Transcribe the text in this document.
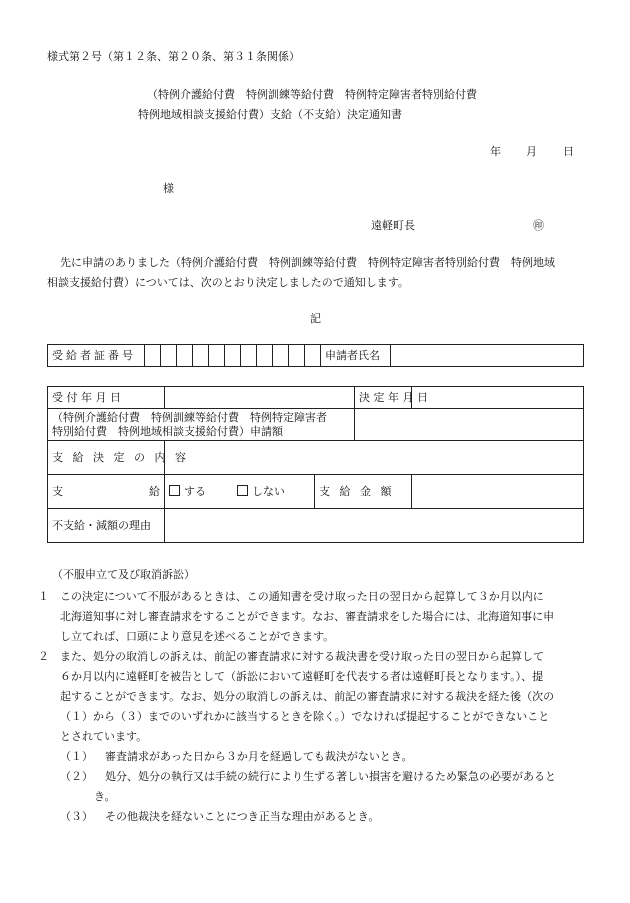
様式第２号（第１２条、第２０条、第３１条関係）
（特例介護給付費　特例訓練等給付費　特例特定障害者特別給付費
特例地域相談支援給付費）支給（不支給）決定通知書
年 月 日
様
遠軽町長	㊞
先に申請のありました（特例介護給付費　特例訓練等給付費　特例特定障害者特別給付費　特例地域
相談支援給付費）については、次のとおり決定しましたので通知します。
記
受給者証番号												申請者氏名	
受 付 年 月 日			決 定 年 月 日	

（特例介護給付費　特例訓練等給付費　特例特定障害者
特別給付費　特例地域相談支援給付費）申請額				

支 給 決 定 の 内 容				
支 給	する しない	支 給 金 額		
不支給・減額の理由				
（不服申立て及び取消訴訟）
１ この決定について不服があるときは、この通知書を受け取った日の翌日から起算して３か月以内に
北海道知事に対し審査請求をすることができます。なお、審査請求をした場合には、北海道知事に申
し立てれば、口頭により意見を述べることができます。
２ また、処分の取消しの訴えは、前記の審査請求に対する裁決書を受け取った日の翌日から起算して
６か月以内に遠軽町を被告として（訴訟において遠軽町を代表する者は遠軽町長となります。）、提
起することができます。なお、処分の取消しの訴えは、前記の審査請求に対する裁決を経た後（次の
（１）から（３）までのいずれかに該当するときを除く。）でなければ提起することができないこと
とされています。
（１） 審査請求があった日から３か月を経過しても裁決がないとき。
（２） 処分、処分の執行又は手続の続行により生ずる著しい損害を避けるため緊急の必要があると
き。
（３） その他裁決を経ないことにつき正当な理由があるとき。
